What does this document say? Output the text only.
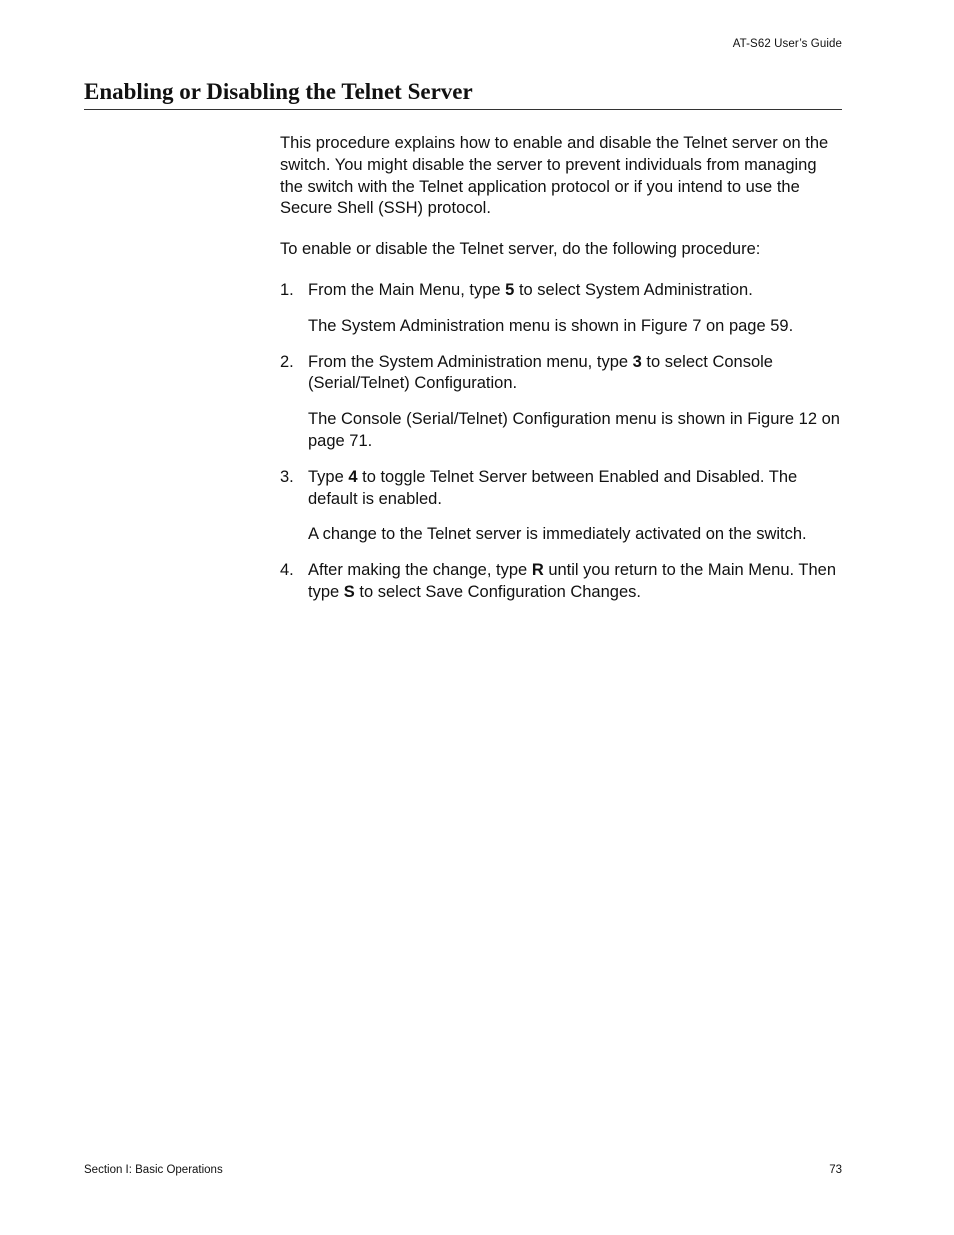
AT-S62 User’s Guide
Enabling or Disabling the Telnet Server

This procedure explains how to enable and disable the Telnet server on the switch. You might disable the server to prevent individuals from managing the switch with the Telnet application protocol or if you intend to use the Secure Shell (SSH) protocol.

To enable or disable the Telnet server, do the following procedure:

1. From the Main Menu, type 5 to select System Administration.

The System Administration menu is shown in Figure 7 on page 59.

2. From the System Administration menu, type 3 to select Console (Serial/Telnet) Configuration.

The Console (Serial/Telnet) Configuration menu is shown in Figure 12 on page 71.

3. Type 4 to toggle Telnet Server between Enabled and Disabled. The default is enabled.

A change to the Telnet server is immediately activated on the switch.

4. After making the change, type R until you return to the Main Menu. Then type S to select Save Configuration Changes.

Section I: Basic Operations	73
